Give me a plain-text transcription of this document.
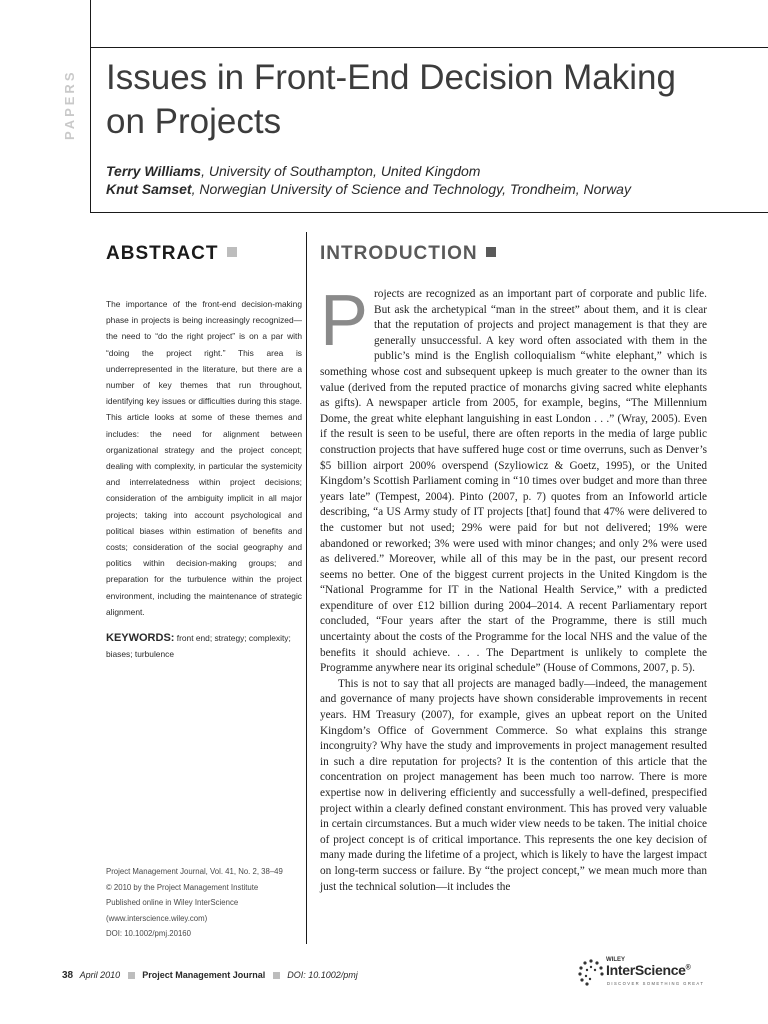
PAPERS Issues in Front-End Decision Making
on Projects
Terry Williams, University of Southampton, United Kingdom
Knut Samset, Norwegian University of Science and Technology, Trondheim, Norway
ABSTRACT

The importance of the front-end decision-making phase in projects is being increasingly recognized—the need to “do the right project” is on a par with “doing the project right.” This area is underrepresented in the literature, but there are a number of key themes that run throughout, identifying key issues or difficulties during this stage. This article looks at some of these themes and includes: the need for alignment between organizational strategy and the project concept; dealing with complexity, in particular the systemicity and interrelatedness within project decisions; consideration of the ambiguity implicit in all major projects; taking into account psychological and political biases within estimation of benefits and costs; consideration of the social geography and politics within decision-making groups; and preparation for the turbulence within the project environment, including the maintenance of strategic alignment.

KEYWORDS: front end; strategy; complexity; biases; turbulence

Project Management Journal, Vol. 41, No. 2, 38–49
© 2010 by the Project Management Institute
Published online in Wiley InterScience
(www.interscience.wiley.com)
DOI: 10.1002/pmj.20160
INTRODUCTION

Projects are recognized as an important part of corporate and public life. But ask the archetypical “man in the street” about them, and it is clear that the reputation of projects and project management is that they are generally unsuccessful. A key word often associated with them in the public’s mind is the English colloquialism “white elephant,” which is something whose cost and subsequent upkeep is much greater to the owner than its value (derived from the reputed practice of monarchs giving sacred white elephants as gifts). A newspaper article from 2005, for example, begins, “The Millennium Dome, the great white elephant languishing in east London . . .” (Wray, 2005). Even if the result is seen to be useful, there are often reports in the media of large public construction projects that have suffered huge cost or time overruns, such as Denver’s $5 billion airport 200% overspend (Szyliowicz & Goetz, 1995), or the United Kingdom’s Scottish Parliament coming in “10 times over budget and more than three years late” (Tempest, 2004). Pinto (2007, p. 7) quotes from an Infoworld article describing, “a US Army study of IT projects [that] found that 47% were delivered to the customer but not used; 29% were paid for but not delivered; 19% were abandoned or reworked; 3% were used with minor changes; and only 2% were used as delivered.” Moreover, while all of this may be in the past, our present record seems no better. One of the biggest current projects in the United Kingdom is the “National Programme for IT in the National Health Service,” with a predicted expenditure of over £12 billion during 2004–2014. A recent Parliamentary report concluded, “Four years after the start of the Programme, there is still much uncertainty about the costs of the Programme for the local NHS and the value of the benefits it should achieve. . . . The Department is unlikely to complete the Programme anywhere near its original schedule” (House of Commons, 2007, p. 5).

This is not to say that all projects are managed badly—indeed, the management and governance of many projects have shown considerable improvements in recent years. HM Treasury (2007), for example, gives an upbeat report on the United Kingdom’s Office of Government Commerce. So what explains this strange incongruity? Why have the study and improvements in project management resulted in such a dire reputation for projects? It is the contention of this article that the concentration on project management has been much too narrow. There is more expertise now in delivering efficiently and successfully a well-defined, prespecified project within a clearly defined constant environment. This has proved very valuable in certain circumstances. But a much wider view needs to be taken. The initial choice of project concept is of critical importance. This represents the one key decision of many made during the lifetime of a project, which is likely to have the largest impact on long-term success or failure. By “the project concept,” we mean much more than just the technical solution—it includes the

38 April 2010 Project Management Journal DOI: 10.1002/pmj
WILEY
InterScience®
DISCOVER SOMETHING GREAT
